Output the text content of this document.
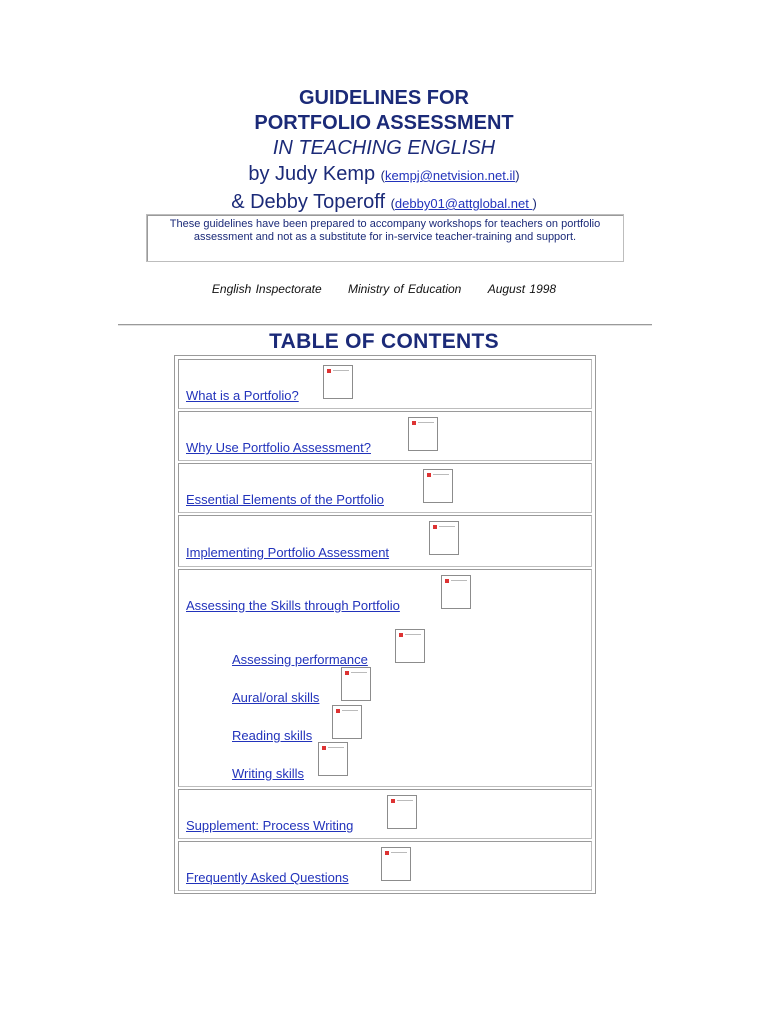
GUIDELINES FOR
PORTFOLIO ASSESSMENT
IN TEACHING ENGLISH
by Judy Kemp (kempj@netvision.net.il)
& Debby Toperoff (debby01@attglobal.net )
These guidelines have been prepared to accompany workshops for teachers on portfolio assessment and not as a substitute for in-service teacher-training and support.
English Inspectorate Ministry of Education August 1998
TABLE OF CONTENTS
What is a Portfolio?
Why Use Portfolio Assessment?
Essential Elements of the Portfolio
Implementing Portfolio Assessment
Assessing the Skills through Portfolio
Assessing performance
Aural/oral skills
Reading skills
Writing skills
Supplement: Process Writing
Frequently Asked Questions
